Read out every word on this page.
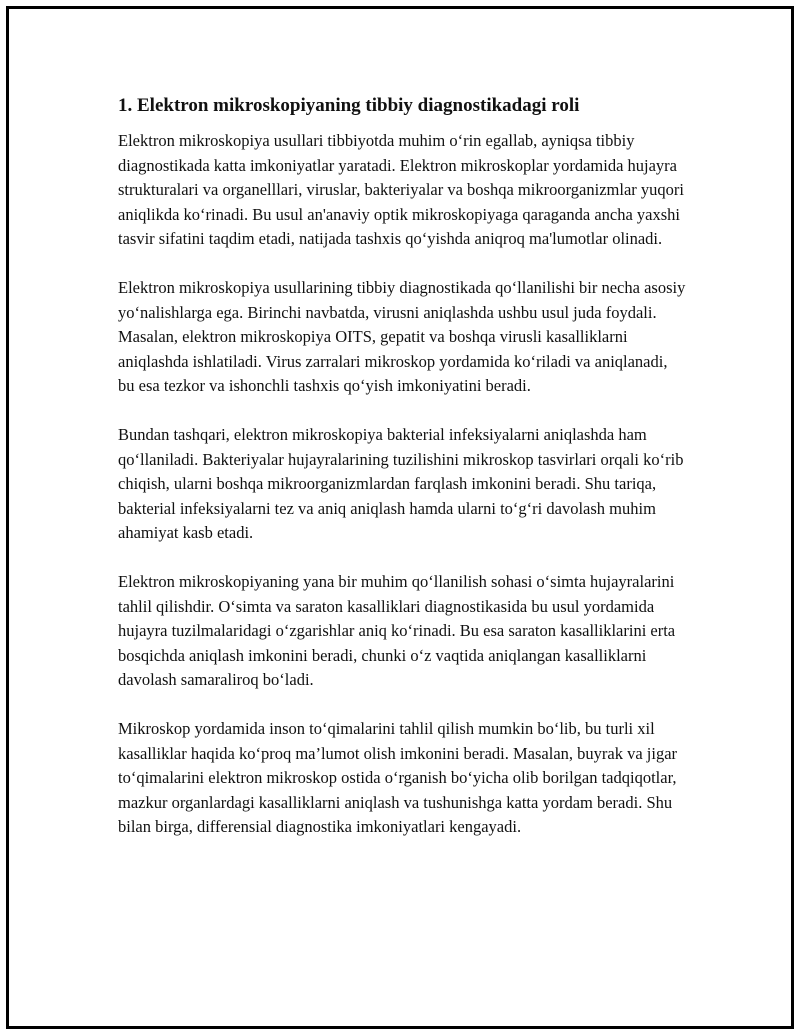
1. Elektron mikroskopiyaning tibbiy diagnostikadagi roli

Elektron mikroskopiya usullari tibbiyotda muhim o‘rin egallab, ayniqsa tibbiy diagnostikada katta imkoniyatlar yaratadi. Elektron mikroskoplar yordamida hujayra strukturalari va organelllari, viruslar, bakteriyalar va boshqa mikroorganizmlar yuqori aniqlikda ko‘rinadi. Bu usul an'anaviy optik mikroskopiyaga qaraganda ancha yaxshi tasvir sifatini taqdim etadi, natijada tashxis qo‘yishda aniqroq ma'lumotlar olinadi.

Elektron mikroskopiya usullarining tibbiy diagnostikada qo‘llanilishi bir necha asosiy yo‘nalishlarga ega. Birinchi navbatda, virusni aniqlashda ushbu usul juda foydali. Masalan, elektron mikroskopiya OITS, gepatit va boshqa virusli kasalliklarni aniqlashda ishlatiladi. Virus zarralari mikroskop yordamida ko‘riladi va aniqlanadi, bu esa tezkor va ishonchli tashxis qo‘yish imkoniyatini beradi.

Bundan tashqari, elektron mikroskopiya bakterial infeksiyalarni aniqlashda ham qo‘llaniladi. Bakteriyalar hujayralarining tuzilishini mikroskop tasvirlari orqali ko‘rib chiqish, ularni boshqa mikroorganizmlardan farqlash imkonini beradi. Shu tariqa, bakterial infeksiyalarni tez va aniq aniqlash hamda ularni to‘g‘ri davolash muhim ahamiyat kasb etadi.

Elektron mikroskopiyaning yana bir muhim qo‘llanilish sohasi o‘simta hujayralarini tahlil qilishdir. O‘simta va saraton kasalliklari diagnostikasida bu usul yordamida hujayra tuzilmalaridagi o‘zgarishlar aniq ko‘rinadi. Bu esa saraton kasalliklarini erta bosqichda aniqlash imkonini beradi, chunki o‘z vaqtida aniqlangan kasalliklarni davolash samaraliroq bo‘ladi.

Mikroskop yordamida inson to‘qimalarini tahlil qilish mumkin bo‘lib, bu turli xil kasalliklar haqida ko‘proq ma’lumot olish imkonini beradi. Masalan, buyrak va jigar to‘qimalarini elektron mikroskop ostida o‘rganish bo‘yicha olib borilgan tadqiqotlar, mazkur organlardagi kasalliklarni aniqlash va tushunishga katta yordam beradi. Shu bilan birga, differensial diagnostika imkoniyatlari kengayadi.
